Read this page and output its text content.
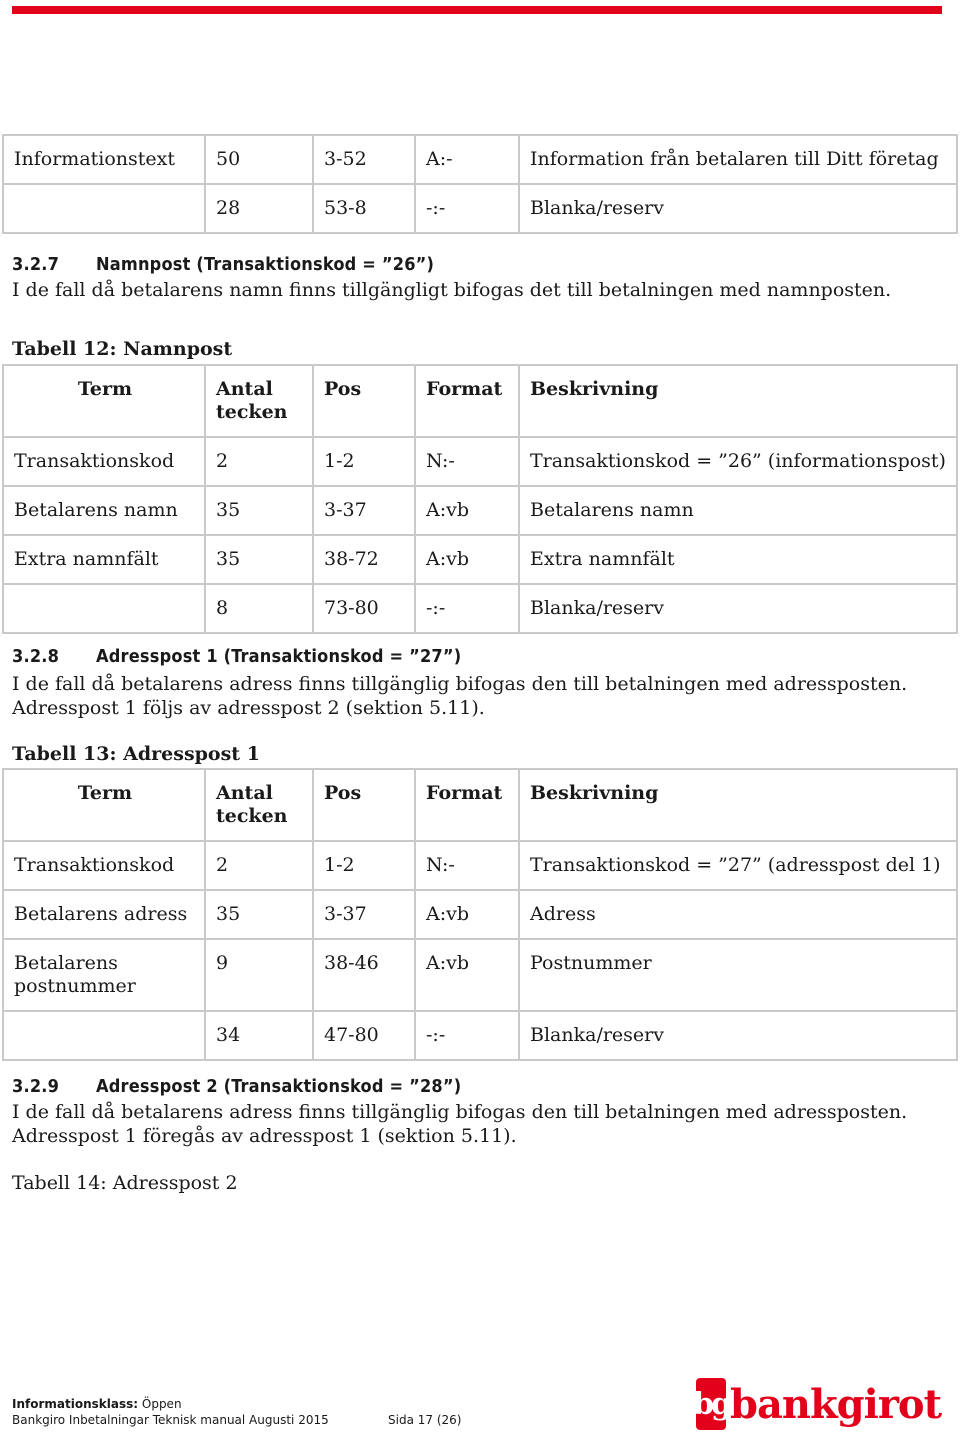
Informationstext	50	3-52	A:-	Information från betalaren till Ditt företag
	28	53-8	-:-	Blanka/reserv
3.2.7 Namnpost (Transaktionskod = ”26”)
I de fall då betalarens namn finns tillgängligt bifogas det till betalningen med namnposten.
Tabell 12: Namnpost
Term	Antal tecken	Pos	Format	Beskrivning
Transaktionskod	2	1-2	N:-	Transaktionskod = ”26” (informationspost)
Betalarens namn	35	3-37	A:vb	Betalarens namn
Extra namnfält	35	38-72	A:vb	Extra namnfält
	8	73-80	-:-	Blanka/reserv
3.2.8 Adresspost 1 (Transaktionskod = ”27”)
I de fall då betalarens adress finns tillgänglig bifogas den till betalningen med adressposten.
Adresspost 1 följs av adresspost 2 (sektion 5.11).
Tabell 13: Adresspost 1
Term	Antal tecken	Pos	Format	Beskrivning
Transaktionskod	2	1-2	N:-	Transaktionskod = ”27” (adresspost del 1)
Betalarens adress	35	3-37	A:vb	Adress
Betalarens postnummer	9	38-46	A:vb	Postnummer
	34	47-80	-:-	Blanka/reserv
3.2.9 Adresspost 2 (Transaktionskod = ”28”)
I de fall då betalarens adress finns tillgänglig bifogas den till betalningen med adressposten.
Adresspost 1 föregås av adresspost 1 (sektion 5.11).
Tabell 14: Adresspost 2
Informationsklass: Öppen
Bankgiro Inbetalningar Teknisk manual Augusti 2015	Sida 17 (26)	bg bankgirot
